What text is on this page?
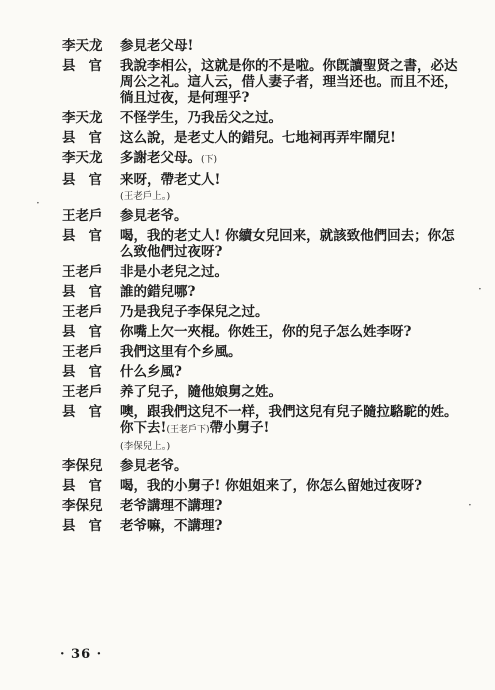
李天龙	参見老父母!
县官 我說李相公，这就是你的不是啦。你旣讀聖贤之書，必达周公之礼。這人云，借人妻子者，理当还也。而且不还，徜且过夜，是何理乎?
李天龙	不怪学生，乃我岳父之过。
县官 这么說，是老丈人的錯兒。七地祠再弄牢鬧兒!
李天龙	多謝老父母。(下)
县官 来呀，帶老丈人!
(王老戶上。)
王老戶	参見老爷。
县官 喝，我的老丈人! 你續女兒回来，就該致他們回去；你怎么致他們过夜呀?
王老戶	非是小老兒之过。
县官 誰的錯兒哪?
王老戶	乃是我兒子李保兒之过。
县官 你嘴上欠一夾棍。你姓王，你的兒子怎么姓李呀?
王老戶	我們这里有个乡風。
县官 什么乡風?
王老戶	养了兒子，隨他娘舅之姓。
县官 噢，跟我們这兒不一样，我們这兒有兒子隨拉駱駝的姓。你下去!(王老戶下)帶小舅子!
(李保兒上。)
李保兒	参見老爷。
县官 喝，我的小舅子! 你姐姐来了，你怎么留她过夜呀?
李保兒	老爷講理不講理?
县官 老爷嘛，不講理?
· 36 ·
·
·
·
